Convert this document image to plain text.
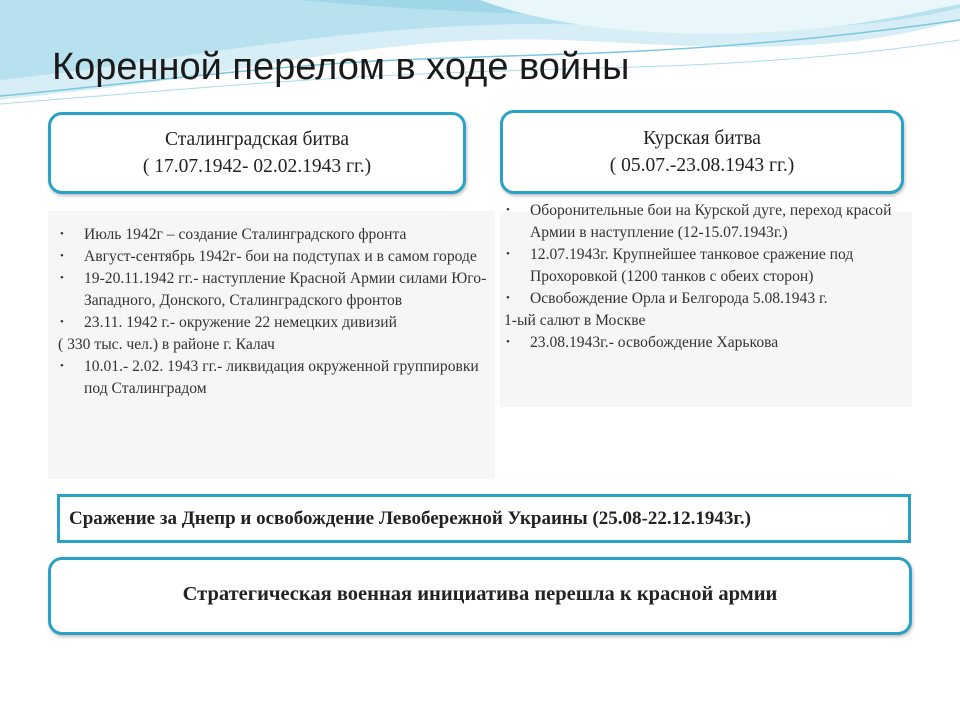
Коренной перелом в ходе войны
Сталинградская битва
( 17.07.1942- 02.02.1943 гг.)
Курская битва
( 05.07.-23.08.1943 гг.)
• Июль 1942г – создание Сталинградского фронта
• Август-сентябрь 1942г- бои на подступах и в самом городе
• 19-20.11.1942 гг.- наступление Красной Армии силами Юго-Западного, Донского, Сталинградского фронтов
• 23.11. 1942 г.- окружение 22 немецких дивизий
( 330 тыс. чел.) в районе г. Калач
• 10.01.- 2.02. 1943 гг.- ликвидация окруженной группировки под Сталинградом
• Оборонительные бои на Курской дуге, переход красой Армии в наступление (12-15.07.1943г.)
• 12.07.1943г. Крупнейшее танковое сражение под Прохоровкой (1200 танков с обеих сторон)
• Освобождение Орла и Белгорода 5.08.1943 г.
1-ый салют в Москве
• 23.08.1943г.- освобождение Харькова
Сражение за Днепр и освобождение Левобережной Украины (25.08-22.12.1943г.)
Стратегическая военная инициатива перешла к красной армии
